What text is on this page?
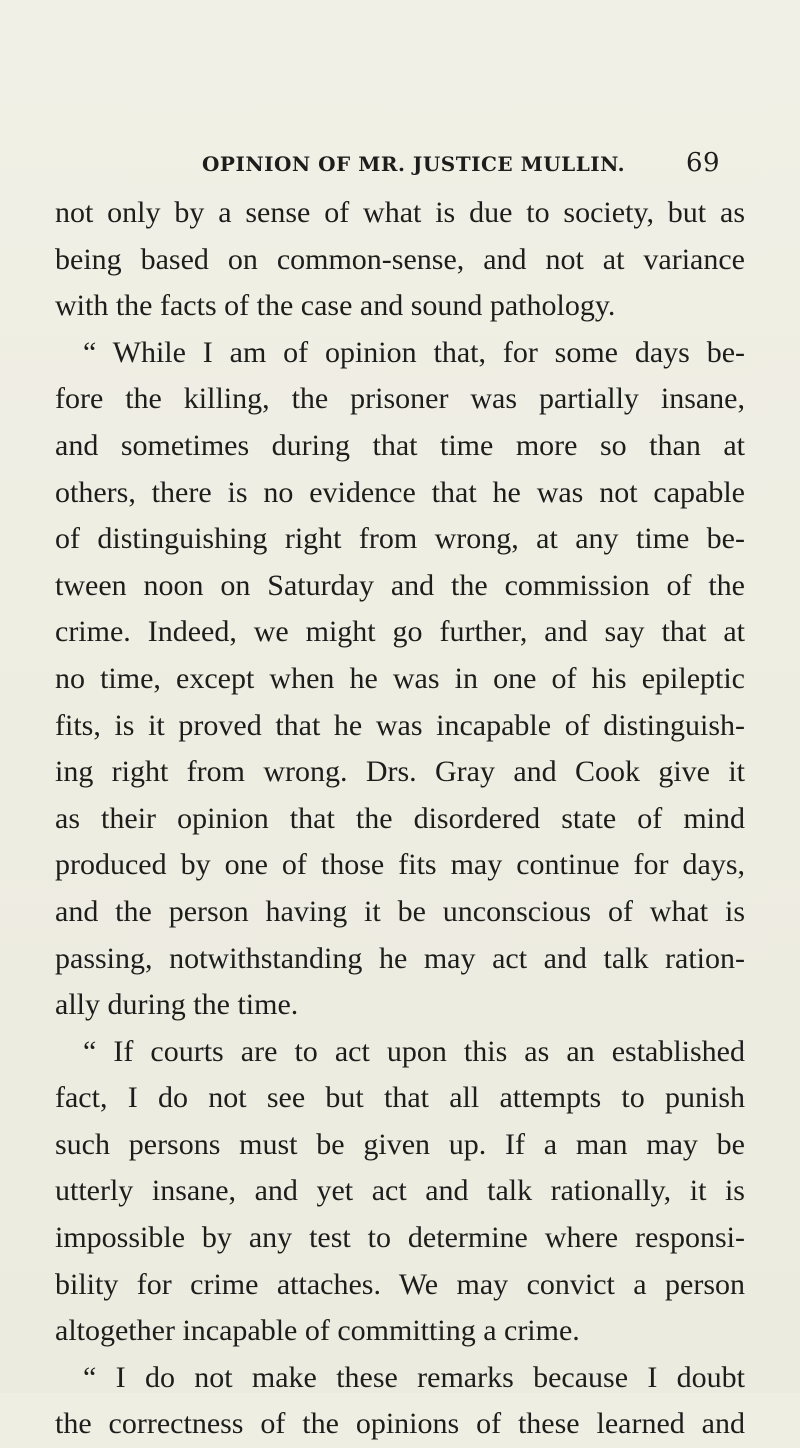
OPINION OF MR. JUSTICE MULLIN. 69
not only by a sense of what is due to society, but as
being based on common-sense, and not at variance
with the facts of the case and sound pathology.
“ While I am of opinion that, for some days be-
fore the killing, the prisoner was partially insane,
and sometimes during that time more so than at
others, there is no evidence that he was not capable
of distinguishing right from wrong, at any time be-
tween noon on Saturday and the commission of the
crime. Indeed, we might go further, and say that at
no time, except when he was in one of his epileptic
fits, is it proved that he was incapable of distinguish-
ing right from wrong. Drs. Gray and Cook give it
as their opinion that the disordered state of mind
produced by one of those fits may continue for days,
and the person having it be unconscious of what is
passing, notwithstanding he may act and talk ration-
ally during the time.
“ If courts are to act upon this as an established
fact, I do not see but that all attempts to punish
such persons must be given up. If a man may be
utterly insane, and yet act and talk rationally, it is
impossible by any test to determine where responsi-
bility for crime attaches. We may convict a person
altogether incapable of committing a crime.
“ I do not make these remarks because I doubt
the correctness of the opinions of these learned and
